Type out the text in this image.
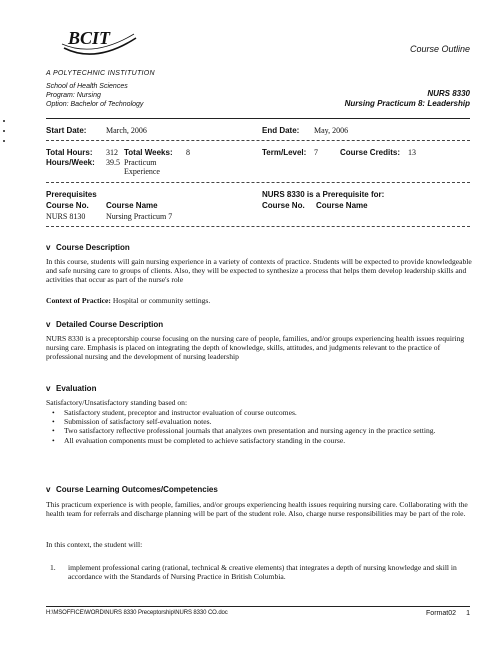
BCIT
Course Outline
A POLYTECHNIC INSTITUTION
School of Health Sciences
Program: Nursing
Option: Bachelor of Technology
NURS 8330
Nursing Practicum 8: Leadership
Start Date: March, 2006	End Date: May, 2006
Total Hours: 312 Total Weeks: 8	Term/Level: 7	Course Credits: 13
Hours/Week: 39.5 Practicum Experience
Prerequisites
Course No. Course Name
NURS 8130	Nursing Practicum 7
NURS 8330 is a Prerequisite for:
Course No. Course Name
v Course Description
In this course, students will gain nursing experience in a variety of contexts of practice. Students will be expected to provide knowledgeable and safe nursing care to groups of clients. Also, they will be expected to synthesize a process that helps them develop leadership skills and activities that occur as part of the nurse's role
Context of Practice: Hospital or community settings.
v Detailed Course Description
NURS 8330 is a preceptorship course focusing on the nursing care of people, families, and/or groups experiencing health issues requiring nursing care. Emphasis is placed on integrating the depth of knowledge, skills, attitudes, and judgments relevant to the practice of professional nursing and the development of nursing leadership
v Evaluation
Satisfactory/Unsatisfactory standing based on:
• Satisfactory student, preceptor and instructor evaluation of course outcomes.
• Submission of satisfactory self-evaluation notes.
• Two satisfactory reflective professional journals that analyzes own presentation and nursing agency in the practice setting.
• All evaluation components must be completed to achieve satisfactory standing in the course.
v Course Learning Outcomes/Competencies
This practicum experience is with people, families, and/or groups experiencing health issues requiring nursing care. Collaborating with the health team for referrals and discharge planning will be part of the student role. Also, charge nurse responsibilities may be part of the role.
In this context, the student will:
1.	implement professional caring (rational, technical & creative elements) that integrates a depth of nursing knowledge and skill in accordance with the Standards of Nursing Practice in British Columbia.
H:\MSOFFICE\WORD\NURS 8330 Preceptorship\NURS 8330 CO.doc	Format02 1
